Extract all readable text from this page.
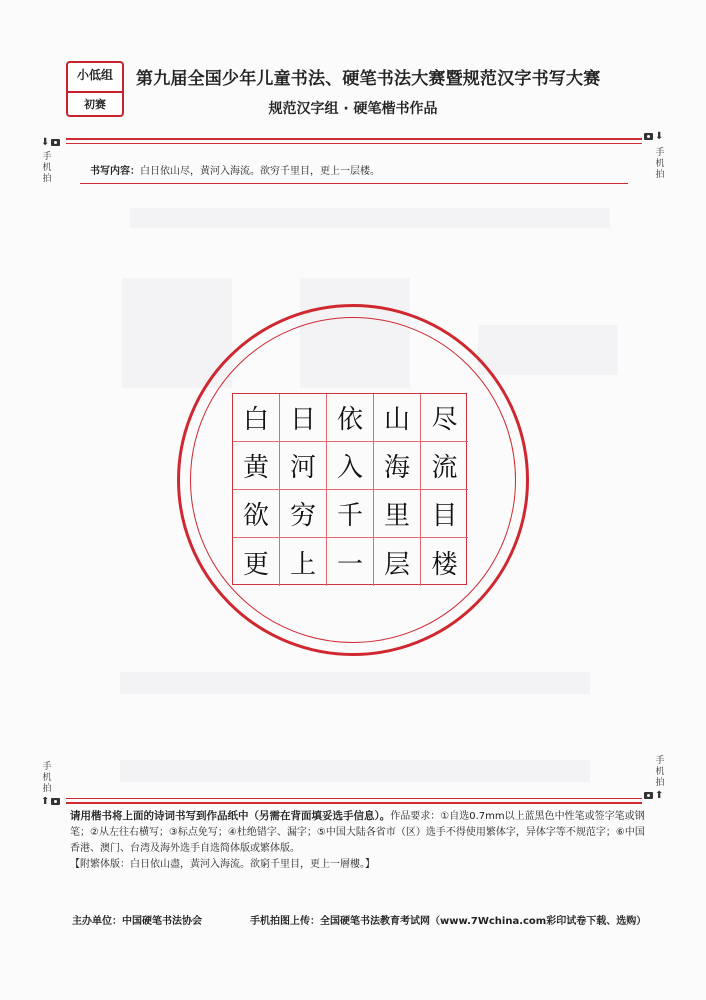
小低组
初赛
第九届全国少年儿童书法、硬笔书法大赛暨规范汉字书写大赛
规范汉字组 · 硬笔楷书作品
⬇
手
机
拍
⬇
手
机
拍
书写内容：白日依山尽，黄河入海流。欲穷千里目，更上一层楼。
白 日 依 山 尽
黄 河 入 海 流
欲 穷 千 里 目
更 上 一 层 楼
手
机
拍
⬆
手
机
拍
⬆

请用楷书将上面的诗词书写到作品纸中（另需在背面填妥选手信息）。作品要求：①自选0.7mm以上蓝黑色中性笔或签字笔或钢笔；②从左往右横写；③标点免写；④杜绝错字、漏字；⑤中国大陆各省市（区）选手不得使用繁体字，异体字等不规范字；⑥中国香港、澳门、台湾及海外选手自选简体版或繁体版。

【附繁体版：白日依山盡，黃河入海流。欲窮千里目，更上一層樓。】

主办单位：中国硬笔书法协会	手机拍图上传：全国硬笔书法教育考试网（www.7Wchina.com彩印试卷下载、选购）
